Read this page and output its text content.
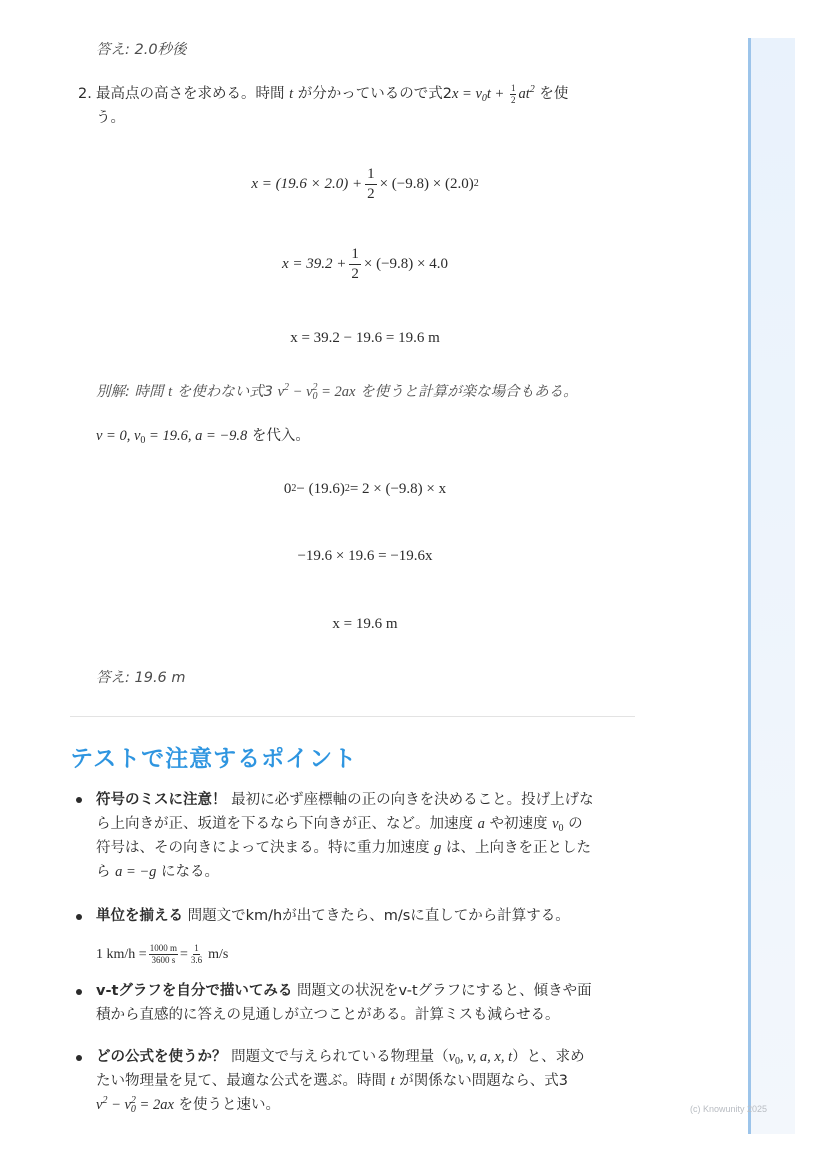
(c) Knowunity 2025
答え: 2.0秒後
2. 最高点の高さを求める。時間 t が分かっているので式$2x = v_0t + \frac{1}{2} at^2$ を使
う。
$x = (19.6 \times 2.0) + \frac{1}{2} \times (-9.8) \times (2.0)$ 2
$x = 39.2 + \frac{1}{2} \times (-9.8) \times 4.0$
x = 39.2 − 19.6 = 19.6 m
別解: 時間 t を使わない式3 $v^2 - v_0^2 = 2ax$ を使うと計算が楽な場合もある。
v = 0, $v_0 = 19.6$, a = −9.8 を代入。
0 2 − (19.6) 2 = 2 × (−9.8) × x
−19.6 × 19.6 = −19.6x
x = 19.6 m
答え: 19.6 m
テストで注意するポイント
符号のミスに注意！ 最初に必ず座標軸の正の向きを決めること。投げ上げな
ら上向きが正、坂道を下るなら下向きが正、など。加速度 a や初速度 $v_0$ の
符号は、その向きによって決まる。特に重力加速度 g は、上向きを正とした
ら a = −g になる。
単位を揃える 問題文でkm/hが出てきたら、m/sに直してから計算する。
1 $km/h = \frac{1000 m}{3600 s} = \frac{1}{3.6} m/s$
v-tグラフを自分で描いてみる 問題文の状況をv-tグラフにすると、傾きや面
積から直感的に答えの見通しが立つことがある。計算ミスも減らせる。
どの公式を使うか？ 問題文で与えられている物理量（$v_0$, v, a, x, t）と、求め
たい物理量を見て、最適な公式を選ぶ。時間 t が関係ない問題なら、式3
$v^2 - v_0^2 = 2ax$ を使うと速い。
